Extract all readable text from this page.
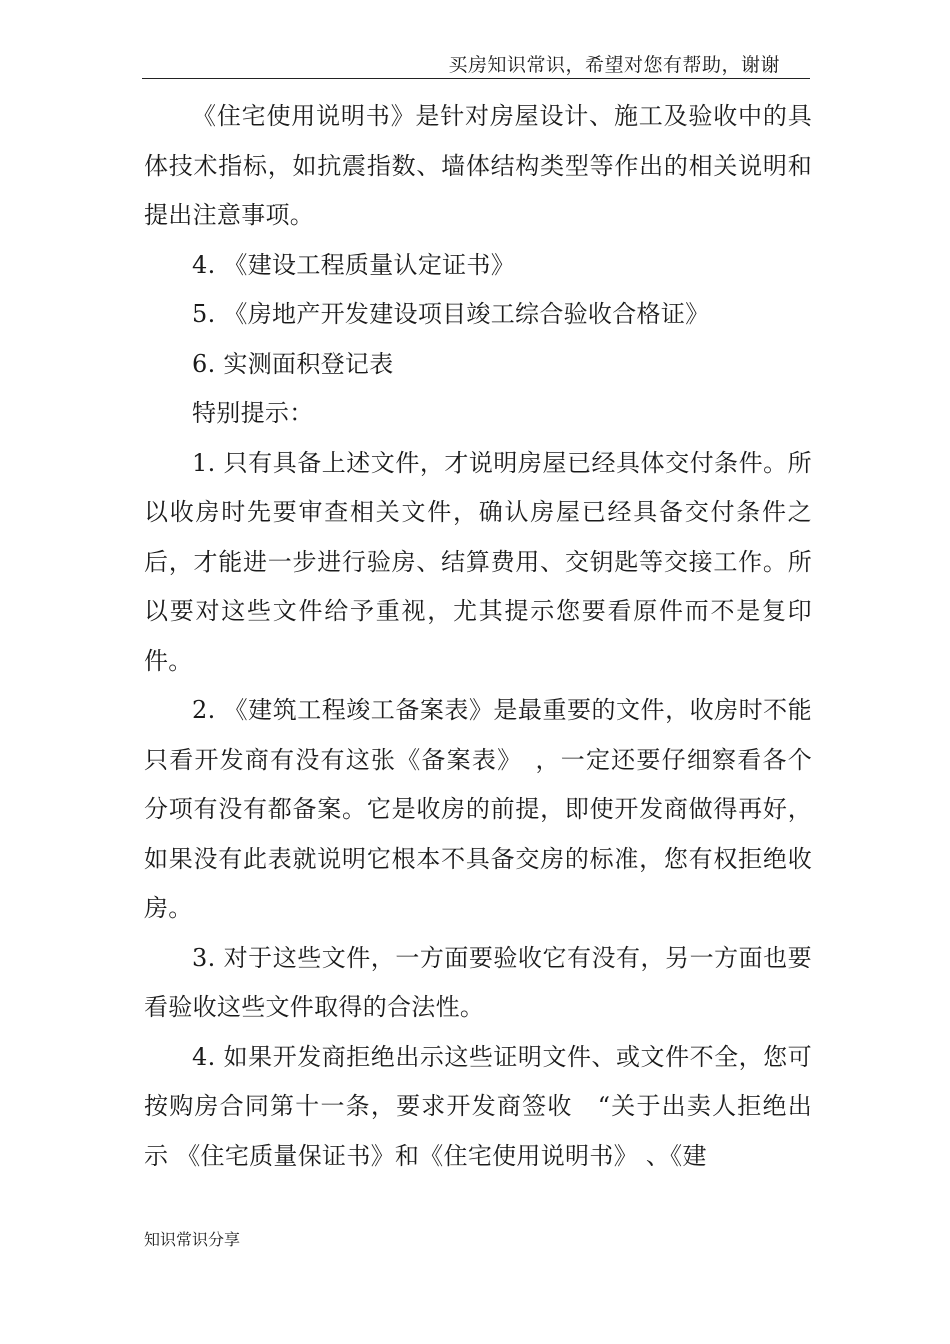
买房知识常识，希望对您有帮助，谢谢

《住宅使用说明书》是针对房屋设计、施工及验收中的具体技术指标，如抗震指数、墙体结构类型等作出的相关说明和提出注意事项。

4. 《建设工程质量认定证书》

5. 《房地产开发建设项目竣工综合验收合格证》

6. 实测面积登记表

特别提示：

1. 只有具备上述文件，才说明房屋已经具体交付条件。所以收房时先要审查相关文件，确认房屋已经具备交付条件之后，才能进一步进行验房、结算费用、交钥匙等交接工作。所以要对这些文件给予重视，尤其提示您要看原件而不是复印件。

2. 《建筑工程竣工备案表》是最重要的文件，收房时不能只看开发商有没有这张《备案表》　，一定还要仔细察看各个分项有没有都备案。它是收房的前提，即使开发商做得再好，如果没有此表就说明它根本不具备交房的标准，您有权拒绝收房。

3. 对于这些文件，一方面要验收它有没有，另一方面也要看验收这些文件取得的合法性。

4. 如果开发商拒绝出示这些证明文件、或文件不全，您可按购房合同第十一条，要求开发商签收　“关于出卖人拒绝出示 《住宅质量保证书》和《住宅使用说明书》 、《建

知识常识分享
